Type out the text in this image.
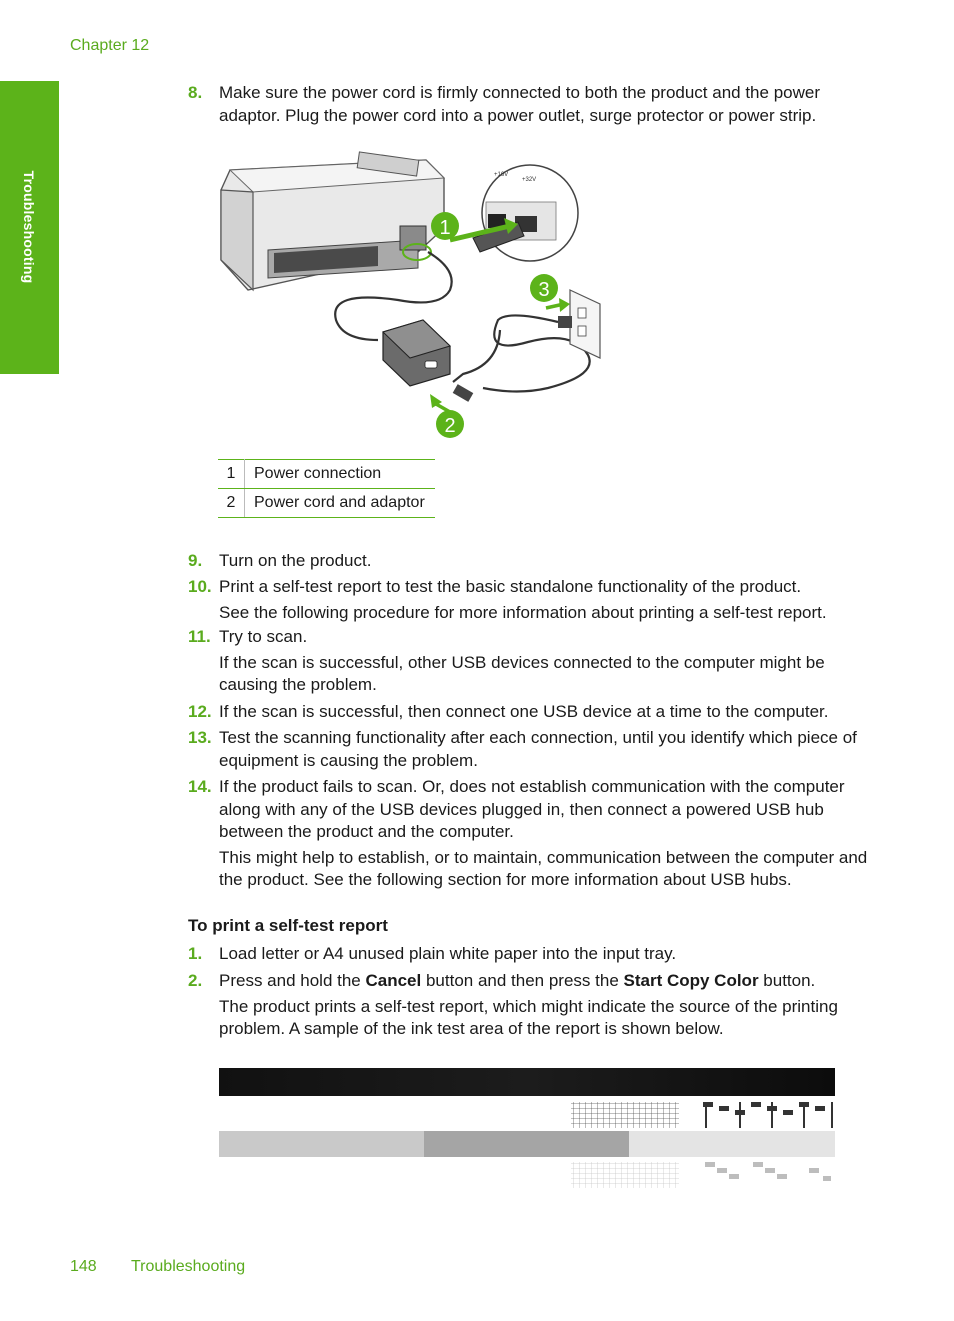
Chapter 12
Troubleshooting
8. Make sure the power cord is firmly connected to both the product and the power adaptor. Plug the power cord into a power outlet, surge protector or power strip.
+16V
+32V
1
2
3
1	Power connection
2	Power cord and adaptor
9. Turn on the product.
10. Print a self-test report to test the basic standalone functionality of the product.
See the following procedure for more information about printing a self-test report.
11. Try to scan.
If the scan is successful, other USB devices connected to the computer might be causing the problem.
12. If the scan is successful, then connect one USB device at a time to the computer.
13. Test the scanning functionality after each connection, until you identify which piece of equipment is causing the problem.
14. If the product fails to scan. Or, does not establish communication with the computer along with any of the USB devices plugged in, then connect a powered USB hub between the product and the computer.
This might help to establish, or to maintain, communication between the computer and the product. See the following section for more information about USB hubs.
To print a self-test report
1. Load letter or A4 unused plain white paper into the input tray.
2. Press and hold the Cancel button and then press the Start Copy Color button.
The product prints a self-test report, which might indicate the source of the printing problem. A sample of the ink test area of the report is shown below.
148 Troubleshooting
